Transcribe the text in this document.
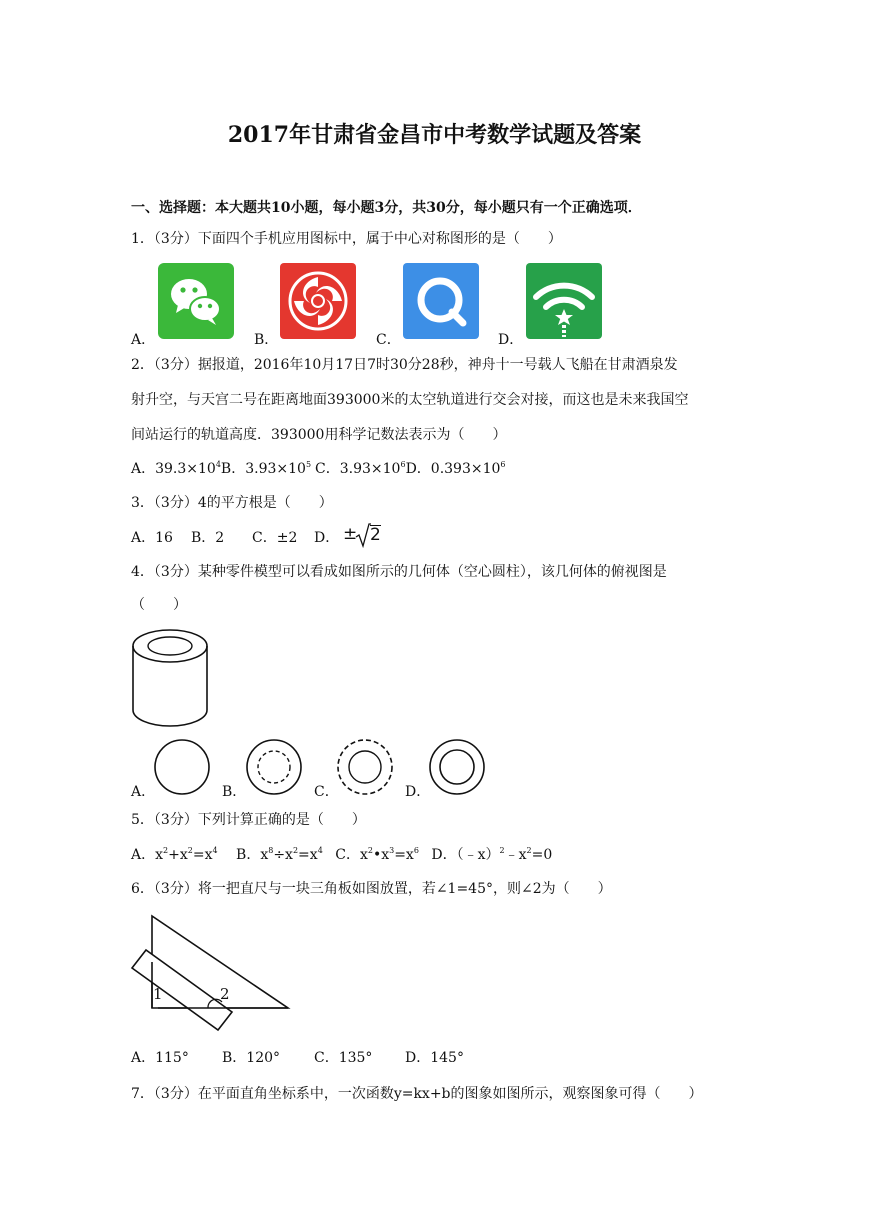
2017年甘肃省金昌市中考数学试题及答案
一、选择题：本大题共10小题，每小题3分，共30分，每小题只有一个正确选项．
1．（3分）下面四个手机应用图标中，属于中心对称图形的是（　　）
A．	B．	C．	D．
2．（3分）据报道，2016年10月17日7时30分28秒，神舟十一号载人飞船在甘肃酒泉发
射升空，与天宫二号在距离地面393000米的太空轨道进行交会对接，而这也是未来我国空
间站运行的轨道高度．393000用科学记数法表示为（　　）
A．$39.3\times 10^4B$．$3.93\times 10^5$ C．$3.93\times 10^6D$．$0.393\times 10^6$
3．（3分）4的平方根是（　　）
A．16 B．2 C．±2 D． ± 2
4．（3分）某种零件模型可以看成如图所示的几何体（空心圆柱），该几何体的俯视图是
（　　）
A．	B．	C．	D．
5．（3分）下列计算正确的是（　　）
A．$x^2+x^2=x^4$ B．$x^8\div x^2=x^4$ C．$x^2•x^3=x^6$ D．$(﹣x)^2﹣x^2=0$
6．（3分）将一把直尺与一块三角板如图放置，若∠1=45°，则∠2为（　　）
1	2
A．115° B．120° C．135° D．145°
7．（3分）在平面直角坐标系中，一次函数y=kx+b的图象如图所示，观察图象可得（　　）
